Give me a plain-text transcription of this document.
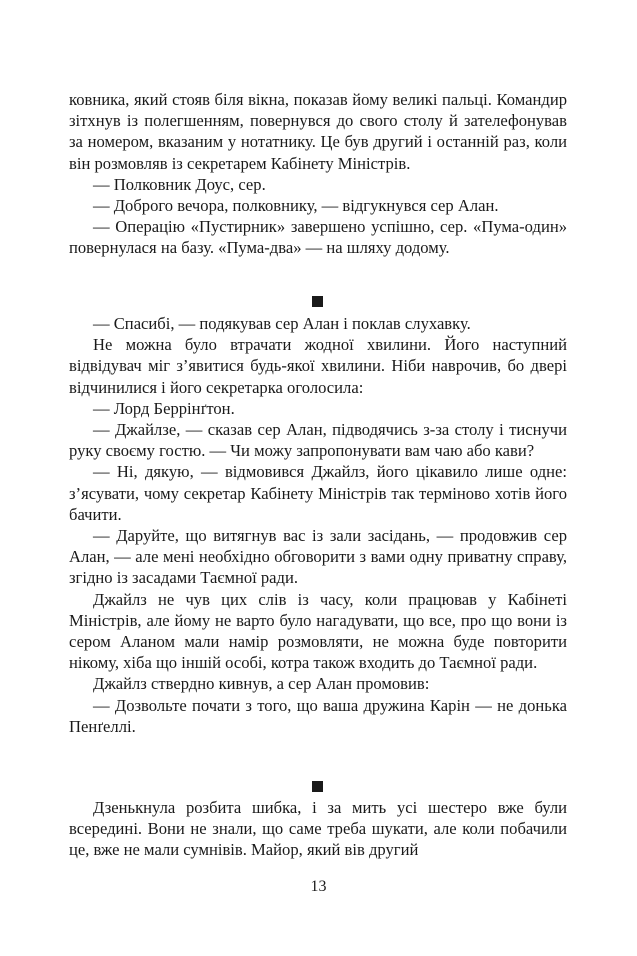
ковника, який стояв біля вікна, показав йому великі пальці. Командир зітхнув із полегшенням, повернувся до свого столу й зателефонував за номером, вказаним у нотатнику. Це був другий і останній раз, коли він розмовляв із секретарем Кабінету Міністрів.

— Полковник Доус, сер.

— Доброго вечора, полковнику, — відгукнувся сер Алан.

— Операцію «Пустирник» завершено успішно, сер. «Пума-один» повернулася на базу. «Пума-два» — на шляху додому.

— Спасибі, — подякував сер Алан і поклав слухавку.

Не можна було втрачати жодної хвилини. Його наступний відвідувач міг з’явитися будь-якої хвилини. Ніби наврочив, бо двері відчинилися і його секретарка оголосила:

— Лорд Беррінґтон.

— Джайлзе, — сказав сер Алан, підводячись з-за столу і тиснучи руку своєму гостю. — Чи можу запропонувати вам чаю або кави?

— Ні, дякую, — відмовився Джайлз, його цікавило лише одне: з’ясувати, чому секретар Кабінету Міністрів так терміново хотів його бачити.

— Даруйте, що витягнув вас із зали засідань, — продовжив сер Алан, — але мені необхідно обговорити з вами одну приватну справу, згідно із засадами Таємної ради.

Джайлз не чув цих слів із часу, коли працював у Кабінеті Міністрів, але йому не варто було нагадувати, що все, про що вони із сером Аланом мали намір розмовляти, не можна буде повторити нікому, хіба що іншій особі, котра також входить до Таємної ради.

Джайлз ствердно кивнув, а сер Алан промовив:

— Дозвольте почати з того, що ваша дружина Карін — не донька Пенґеллі.

Дзенькнула розбита шибка, і за мить усі шестеро вже були всередині. Вони не знали, що саме треба шукати, але коли побачили це, вже не мали сумнівів. Майор, який вів другий

13
